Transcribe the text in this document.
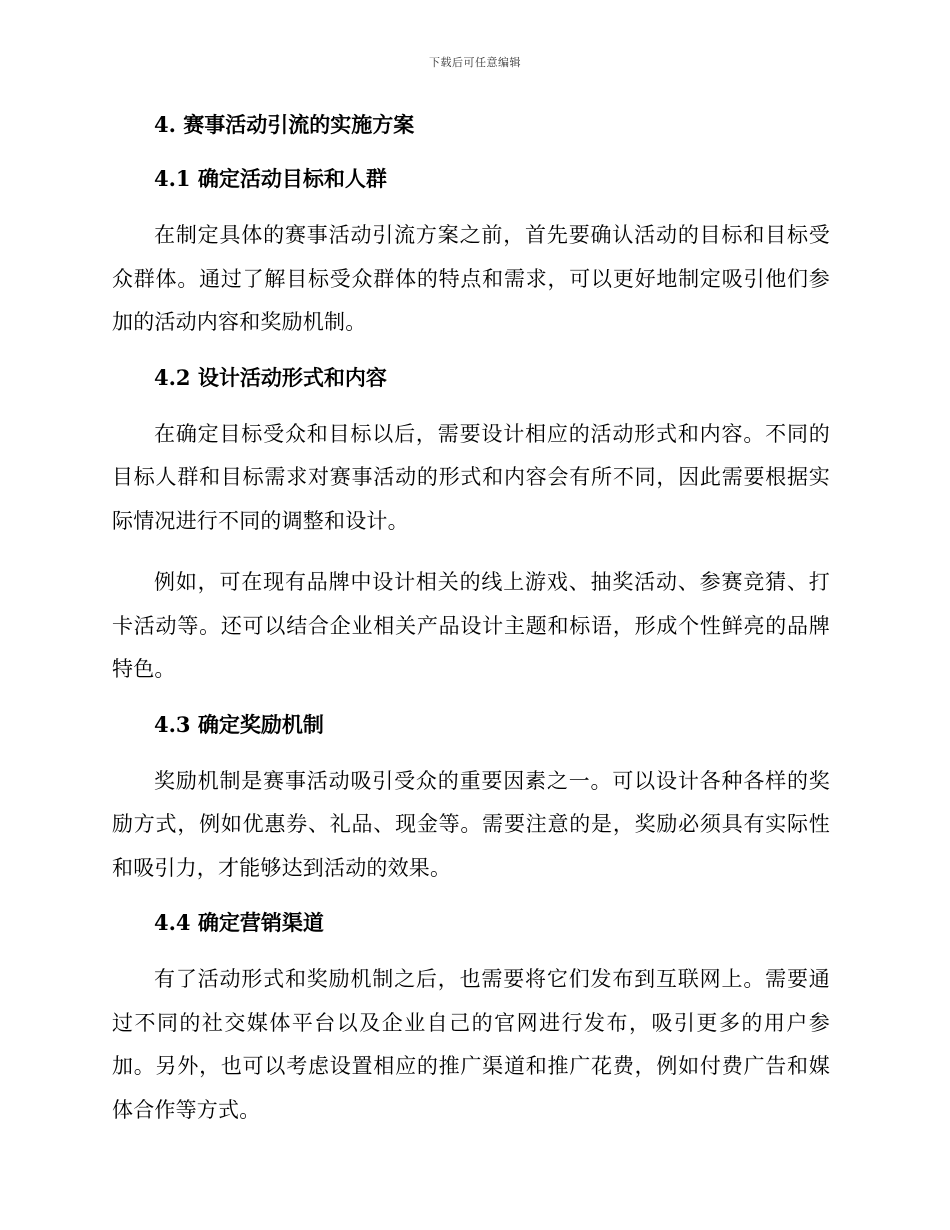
下载后可任意编辑
4. 赛事活动引流的实施方案
4.1 确定活动目标和人群

在制定具体的赛事活动引流方案之前，首先要确认活动的目标和目标受众群体。通过了解目标受众群体的特点和需求，可以更好地制定吸引他们参加的活动内容和奖励机制。

4.2 设计活动形式和内容

在确定目标受众和目标以后，需要设计相应的活动形式和内容。不同的目标人群和目标需求对赛事活动的形式和内容会有所不同，因此需要根据实际情况进行不同的调整和设计。

例如，可在现有品牌中设计相关的线上游戏、抽奖活动、参赛竞猜、打卡活动等。还可以结合企业相关产品设计主题和标语，形成个性鲜亮的品牌特色。

4.3 确定奖励机制

奖励机制是赛事活动吸引受众的重要因素之一。可以设计各种各样的奖励方式，例如优惠券、礼品、现金等。需要注意的是，奖励必须具有实际性和吸引力，才能够达到活动的效果。

4.4 确定营销渠道

有了活动形式和奖励机制之后，也需要将它们发布到互联网上。需要通过不同的社交媒体平台以及企业自己的官网进行发布，吸引更多的用户参加。另外，也可以考虑设置相应的推广渠道和推广花费，例如付费广告和媒体合作等方式。
